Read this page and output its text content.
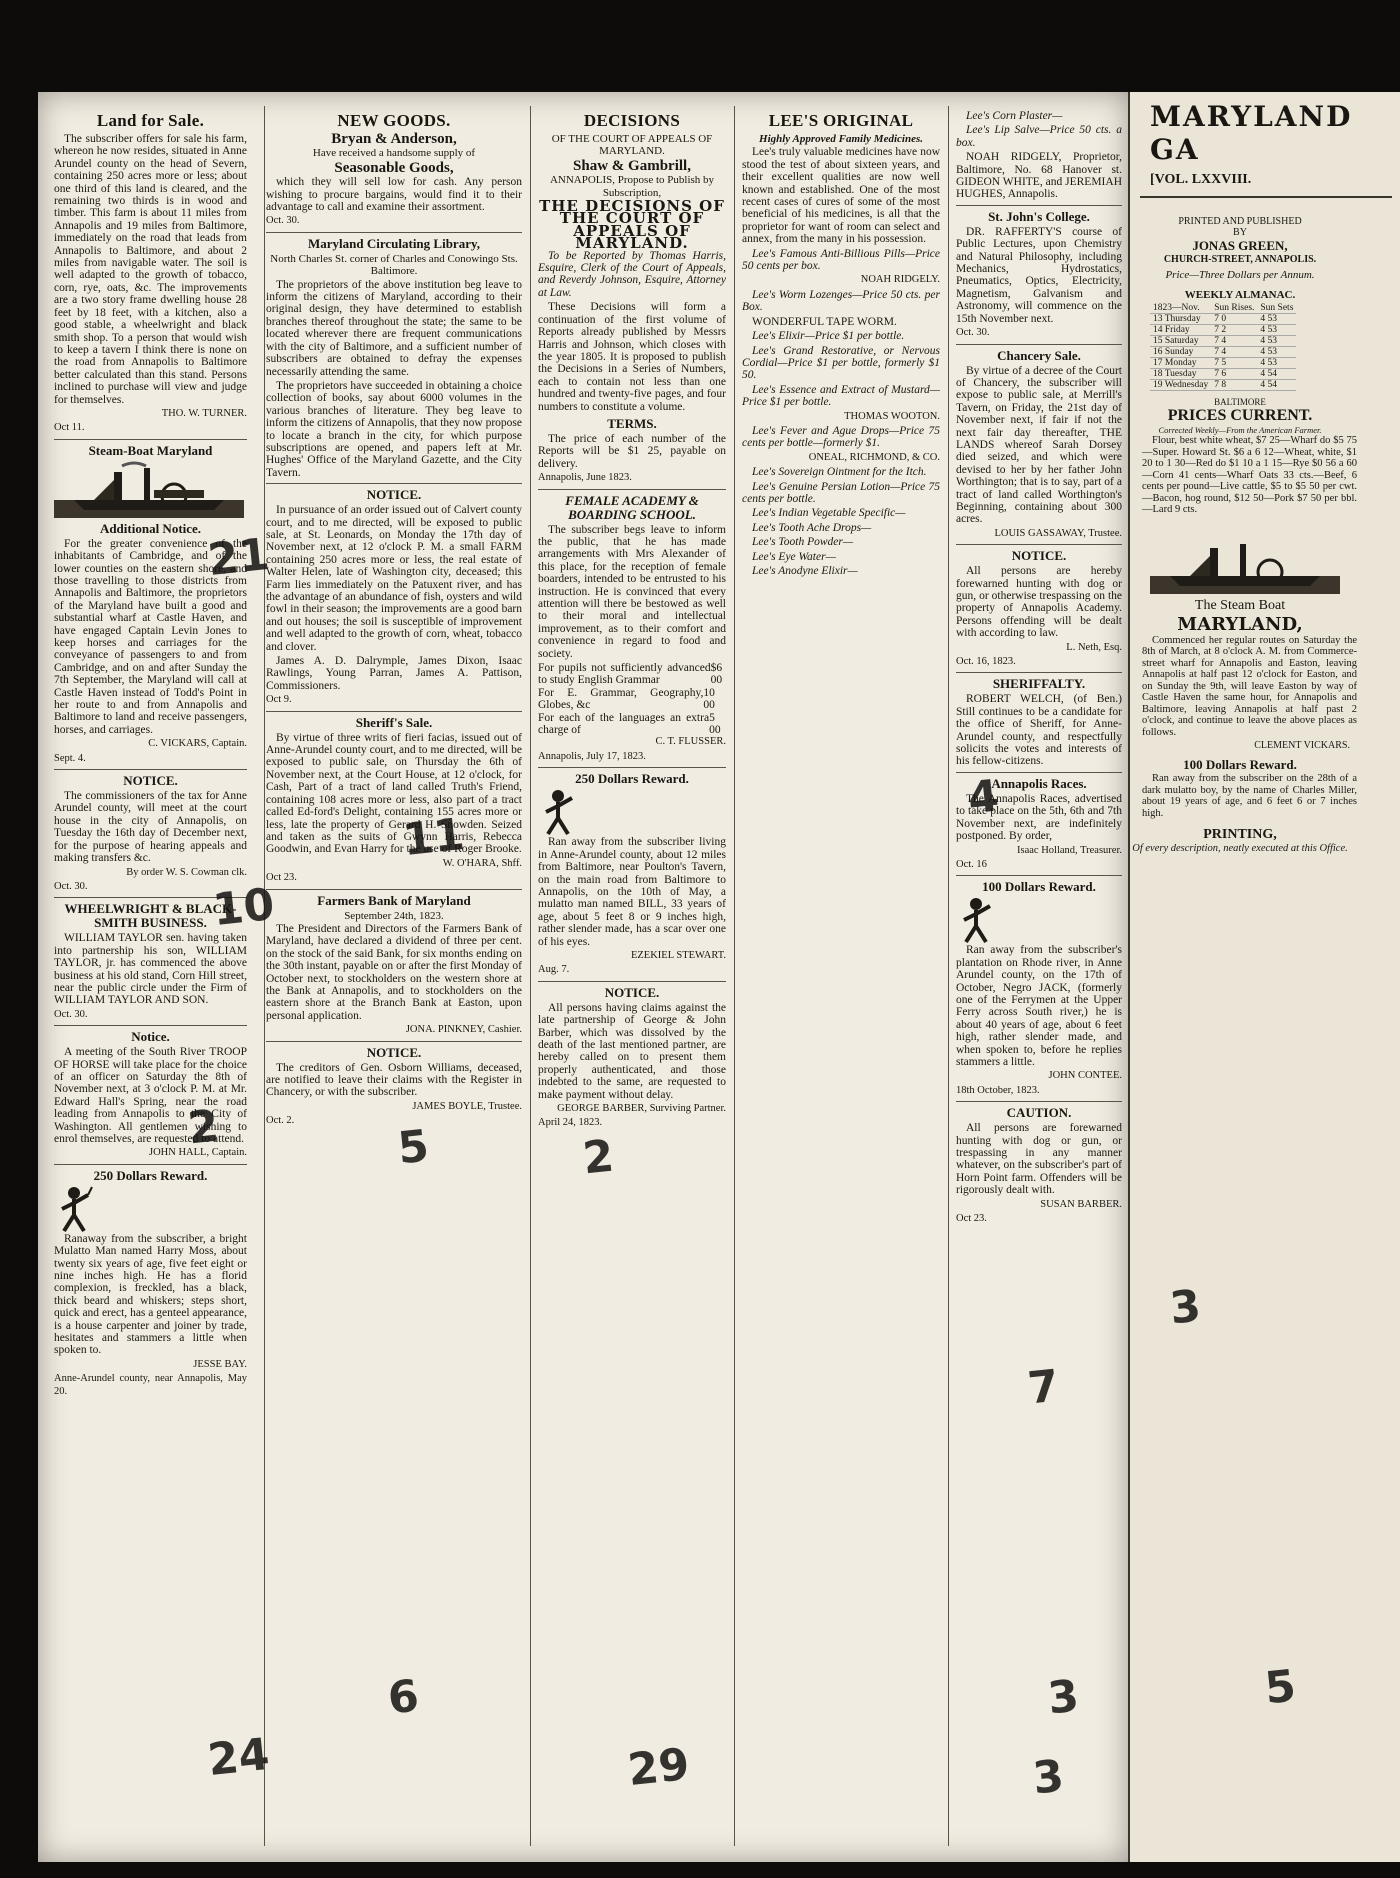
Land for Sale.

The subscriber offers for sale his farm, whereon he now resides, situated in Anne Arundel county on the head of Severn, containing 250 acres more or less; about one third of this land is cleared, and the remaining two thirds is in wood and timber. This farm is about 11 miles from Annapolis and 19 miles from Baltimore, immediately on the road that leads from Annapolis to Baltimore, and about 2 miles from navigable water. The soil is well adapted to the growth of tobacco, corn, rye, oats, &c. The improvements are a two story frame dwelling house 28 feet by 18 feet, with a kitchen, also a good stable, a wheelwright and black smith shop. To a person that would wish to keep a tavern I think there is none on the road from Annapolis to Baltimore better calculated than this stand. Persons inclined to purchase will view and judge for themselves.

THO. W. TURNER.
Oct 11.
Steam-Boat Maryland
Additional Notice.

For the greater convenience of the inhabitants of Cambridge, and of the lower counties on the eastern shore, and those travelling to those districts from Annapolis and Baltimore, the proprietors of the Maryland have built a good and substantial wharf at Castle Haven, and have engaged Captain Levin Jones to keep horses and carriages for the conveyance of passengers to and from Cambridge, and on and after Sunday the 7th September, the Maryland will call at Castle Haven instead of Todd's Point in her route to and from Annapolis and Baltimore to land and receive passengers, horses, and carriages.

C. VICKARS, Captain.
Sept. 4.
NOTICE.

The commissioners of the tax for Anne Arundel county, will meet at the court house in the city of Annapolis, on Tuesday the 16th day of December next, for the purpose of hearing appeals and making transfers &c.

By order W. S. Cowman clk.
Oct. 30.
WHEELWRIGHT & BLACK-SMITH BUSINESS.

WILLIAM TAYLOR sen. having taken into partnership his son, WILLIAM TAYLOR, jr. has commenced the above business at his old stand, Corn Hill street, near the public circle under the Firm of WILLIAM TAYLOR AND SON.

Oct. 30.
Notice.

A meeting of the South River TROOP OF HORSE will take place for the choice of an officer on Saturday the 8th of November next, at 3 o'clock P. M. at Mr. Edward Hall's Spring, near the road leading from Annapolis to the City of Washington. All gentlemen wishing to enrol themselves, are requested to attend.

JOHN HALL, Captain.
250 Dollars Reward.

Ranaway from the subscriber, a bright Mulatto Man named Harry Moss, about twenty six years of age, five feet eight or nine inches high. He has a florid complexion, is freckled, has a black, thick beard and whiskers; steps short, quick and erect, has a genteel appearance, is a house carpenter and joiner by trade, hesitates and stammers a little when spoken to.

JESSE BAY.
Anne-Arundel county, near Annapolis, May 20.
NEW GOODS.
Bryan & Anderson,
Have received a handsome supply of
Seasonable Goods,

which they will sell low for cash. Any person wishing to procure bargains, would find it to their advantage to call and examine their assortment.

Oct. 30.
Maryland Circulating Library,
North Charles St. corner of Charles and Conowingo Sts. Baltimore.

The proprietors of the above institution beg leave to inform the citizens of Maryland, according to their original design, they have determined to establish branches thereof throughout the state; the same to be located wherever there are frequent communications with the city of Baltimore, and a sufficient number of subscribers are obtained to defray the expenses necessarily attending the same.

The proprietors have succeeded in obtaining a choice collection of books, say about 6000 volumes in the various branches of literature. They beg leave to inform the citizens of Annapolis, that they now propose to locate a branch in the city, for which purpose subscriptions are opened, and papers left at Mr. Hughes' Office of the Maryland Gazette, and the City Tavern.

NOTICE.

In pursuance of an order issued out of Calvert county court, and to me directed, will be exposed to public sale, at St. Leonards, on Monday the 17th day of November next, at 12 o'clock P. M. a small FARM containing 250 acres more or less, the real estate of Walter Helen, late of Washington city, deceased; this Farm lies immediately on the Patuxent river, and has the advantage of an abundance of fish, oysters and wild fowl in their season; the improvements are a good barn and out houses; the soil is susceptible of improvement and well adapted to the growth of corn, wheat, tobacco and clover.

James A. D. Dalrymple, James Dixon, Isaac Rawlings, Young Parran, James A. Pattison, Commissioners.

Oct 9.
Sheriff's Sale.

By virtue of three writs of fieri facias, issued out of Anne-Arundel county court, and to me directed, will be exposed to public sale, on Thursday the 6th of November next, at the Court House, at 12 o'clock, for Cash, Part of a tract of land called Truth's Friend, containing 108 acres more or less, also part of a tract called Ed-ford's Delight, containing 155 acres more or less, late the property of Gerard H. Snowden. Seized and taken as the suits of Gwynn Harris, Rebecca Goodwin, and Evan Harry for the use of Roger Brooke.

W. O'HARA, Shff.
Oct 23.
Farmers Bank of Maryland
September 24th, 1823.

The President and Directors of the Farmers Bank of Maryland, have declared a dividend of three per cent. on the stock of the said Bank, for six months ending on the 30th instant, payable on or after the first Monday of October next, to stockholders on the western shore at the Bank at Annapolis, and to stockholders on the eastern shore at the Branch Bank at Easton, upon personal application.

JONA. PINKNEY, Cashier.
NOTICE.

The creditors of Gen. Osborn Williams, deceased, are notified to leave their claims with the Register in Chancery, or with the subscriber.

JAMES BOYLE, Trustee.
Oct. 2.
DECISIONS
OF THE COURT OF APPEALS OF MARYLAND.
Shaw & Gambrill,
ANNAPOLIS, Propose to Publish by Subscription,
THE DECISIONS OF THE COURT OF APPEALS OF MARYLAND.

To be Reported by Thomas Harris, Esquire, Clerk of the Court of Appeals, and Reverdy Johnson, Esquire, Attorney at Law.

These Decisions will form a continuation of the first volume of Reports already published by Messrs Harris and Johnson, which closes with the year 1805. It is proposed to publish the Decisions in a Series of Numbers, each to contain not less than one hundred and twenty-five pages, and four numbers to constitute a volume.

TERMS.

The price of each number of the Reports will be $1 25, payable on delivery.

Annapolis, June 1823.
FEMALE ACADEMY & BOARDING SCHOOL.

The subscriber begs leave to inform the public, that he has made arrangements with Mrs Alexander of this place, for the reception of female boarders, intended to be entrusted to his instruction. He is convinced that every attention will there be bestowed as well to their moral and intellectual improvement, as to their comfort and convenience in regard to food and society.

For pupils not sufficiently advanced to study English Grammar
$6 00
For E. Grammar, Geography, Globes, &c
10 00
For each of the languages an extra charge of
5 00
C. T. FLUSSER.
Annapolis, July 17, 1823.
250 Dollars Reward.

Ran away from the subscriber living in Anne-Arundel county, about 12 miles from Baltimore, near Poulton's Tavern, on the main road from Baltimore to Annapolis, on the 10th of May, a mulatto man named BILL, 33 years of age, about 5 feet 8 or 9 inches high, rather slender made, has a scar over one of his eyes.

EZEKIEL STEWART.
Aug. 7.
NOTICE.

All persons having claims against the late partnership of George & John Barber, which was dissolved by the death of the last mentioned partner, are hereby called on to present them properly authenticated, and those indebted to the same, are requested to make payment without delay.

GEORGE BARBER, Surviving Partner.
April 24, 1823.
LEE'S ORIGINAL
Highly Approved Family Medicines.

Lee's truly valuable medicines have now stood the test of about sixteen years, and their excellent qualities are now well known and established. One of the most recent cases of cures of some of the most beneficial of his medicines, is all that the proprietor for want of room can select and annex, from the many in his possession.

Lee's Famous Anti-Billious Pills—Price 50 cents per box.

NOAH RIDGELY.

Lee's Worm Lozenges—Price 50 cts. per Box.

WONDERFUL TAPE WORM.

Lee's Elixir—Price $1 per bottle.

Lee's Grand Restorative, or Nervous Cordial—Price $1 per bottle, formerly $1 50.

Lee's Essence and Extract of Mustard—Price $1 per bottle.

THOMAS WOOTON.

Lee's Fever and Ague Drops—Price 75 cents per bottle—formerly $1.

ONEAL, RICHMOND, & CO.

Lee's Sovereign Ointment for the Itch.

Lee's Genuine Persian Lotion—Price 75 cents per bottle.

Lee's Indian Vegetable Specific—

Lee's Tooth Ache Drops—

Lee's Tooth Powder—

Lee's Eye Water—

Lee's Anodyne Elixir—

Lee's Corn Plaster—

Lee's Lip Salve—Price 50 cts. a box.

NOAH RIDGELY, Proprietor, Baltimore, No. 68 Hanover st. GIDEON WHITE, and JEREMIAH HUGHES, Annapolis.

St. John's College.

DR. RAFFERTY'S course of Public Lectures, upon Chemistry and Natural Philosophy, including Mechanics, Hydrostatics, Pneumatics, Optics, Electricity, Magnetism, Galvanism and Astronomy, will commence on the 15th November next.

Oct. 30.
Chancery Sale.

By virtue of a decree of the Court of Chancery, the subscriber will expose to public sale, at Merrill's Tavern, on Friday, the 21st day of November next, if fair if not the next fair day thereafter, THE LANDS whereof Sarah Dorsey died seized, and which were devised to her by her father John Worthington; that is to say, part of a tract of land called Worthington's Beginning, containing about 300 acres.

LOUIS GASSAWAY, Trustee.
NOTICE.

All persons are hereby forewarned hunting with dog or gun, or otherwise trespassing on the property of Annapolis Academy. Persons offending will be dealt with according to law.

L. Neth, Esq.
Oct. 16, 1823.
SHERIFFALTY.

ROBERT WELCH, (of Ben.) Still continues to be a candidate for the office of Sheriff, for Anne-Arundel county, and respectfully solicits the votes and interests of his fellow-citizens.

Annapolis Races.

The Annapolis Races, advertised to take place on the 5th, 6th and 7th November next, are indefinitely postponed. By order,

Isaac Holland, Treasurer.
Oct. 16
100 Dollars Reward.

Ran away from the subscriber's plantation on Rhode river, in Anne Arundel county, on the 17th of October, Negro JACK, (formerly one of the Ferrymen at the Upper Ferry across South river,) he is about 40 years of age, about 6 feet high, rather slender made, and when spoken to, before he replies stammers a little.

JOHN CONTEE.
18th October, 1823.
CAUTION.

All persons are forewarned hunting with dog or gun, or trespassing in any manner whatever, on the subscriber's part of Horn Point farm. Offenders will be rigorously dealt with.

SUSAN BARBER.
Oct 23.
21
11
10
2	5	2
6
24	29
4
7
3
3
MARYLAND GA
[VOL. LXXVIII.
PRINTED AND PUBLISHED
BY
JONAS GREEN,
CHURCH-STREET, ANNAPOLIS.
Price—Three Dollars per Annum.
WEEKLY ALMANAC.
1823—Nov.	Sun Rises.	Sun Sets
13 Thursday	7 0	4 53
14 Friday	7 2	4 53
15 Saturday	7 4	4 53
16 Sunday	7 4	4 53
17 Monday	7 5	4 53
18 Tuesday	7 6	4 54
19 Wednesday	7 8	4 54
BALTIMORE
PRICES CURRENT.
Corrected Weekly—From the American Farmer.

Flour, best white wheat, $7 25—Wharf do $5 75—Super. Howard St. $6 a 6 12—Wheat, white, $1 20 to 1 30—Red do $1 10 a 1 15—Rye $0 56 a 60—Corn 41 cents—Wharf Oats 33 cts.—Beef, 6 cents per pound—Live cattle, $5 to $5 50 per cwt.—Bacon, hog round, $12 50—Pork $7 50 per bbl.—Lard 9 cts.

The Steam Boat
MARYLAND,

Commenced her regular routes on Saturday the 8th of March, at 8 o'clock A. M. from Commerce-street wharf for Annapolis and Easton, leaving Annapolis at half past 12 o'clock for Easton, and on Sunday the 9th, will leave Easton by way of Castle Haven the same hour, for Annapolis and Baltimore, leaving Annapolis at half past 2 o'clock, and continue to leave the above places as follows.

CLEMENT VICKARS.
100 Dollars Reward.

Ran away from the subscriber on the 28th of a dark mulatto boy, by the name of Charles Miller, about 19 years of age, and 6 feet 6 or 7 inches high.

PRINTING,
Of every description, neatly executed at this Office.
5
3
